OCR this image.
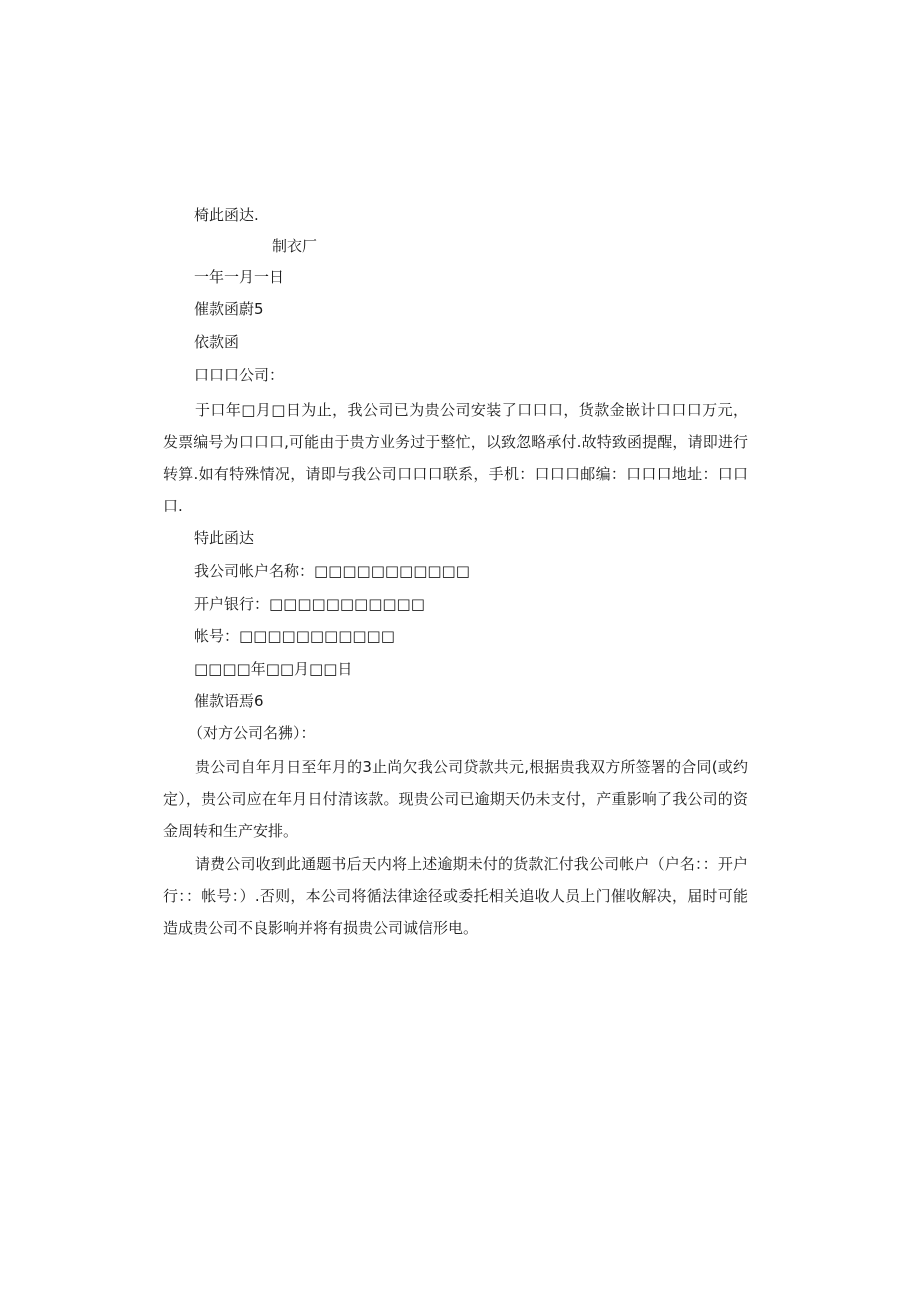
椅此函达.
制衣厂
一年一月一日
催款函蔚5
依款函
口口口公司：
于口年□月□日为止，我公司已为贵公司安装了口口口，货款金嵌计口口口万元，发票编号为口口口,可能由于贵方业务过于整忙，以致忽略承付.故特致函提醒，请即进行转算.如有特殊情况，请即与我公司口口口联系，手机：口口口邮编：口口口地址：口口口.
特此函达
我公司帐户名称：□□□□□□□□□□□
开户银行：□□□□□□□□□□□
帐号：□□□□□□□□□□□
□□□□年□□月□□日
催款语焉6
（对方公司名狒）：
贵公司自年月日至年月的3止尚欠我公司贷款共元,根据贵我双方所签署的合同(或约定），贵公司应在年月日付清该款。现贵公司已逾期天仍未支付，产重影响了我公司的资金周转和生产安排。
请费公司收到此通题书后天内将上述逾期未付的货款汇付我公司帐户（户名：：开户行：：帐号：）.否则，本公司将循法律途径或委托相关追收人员上门催收解决，届时可能造成贵公司不良影响并将有损贵公司诚信形电。
